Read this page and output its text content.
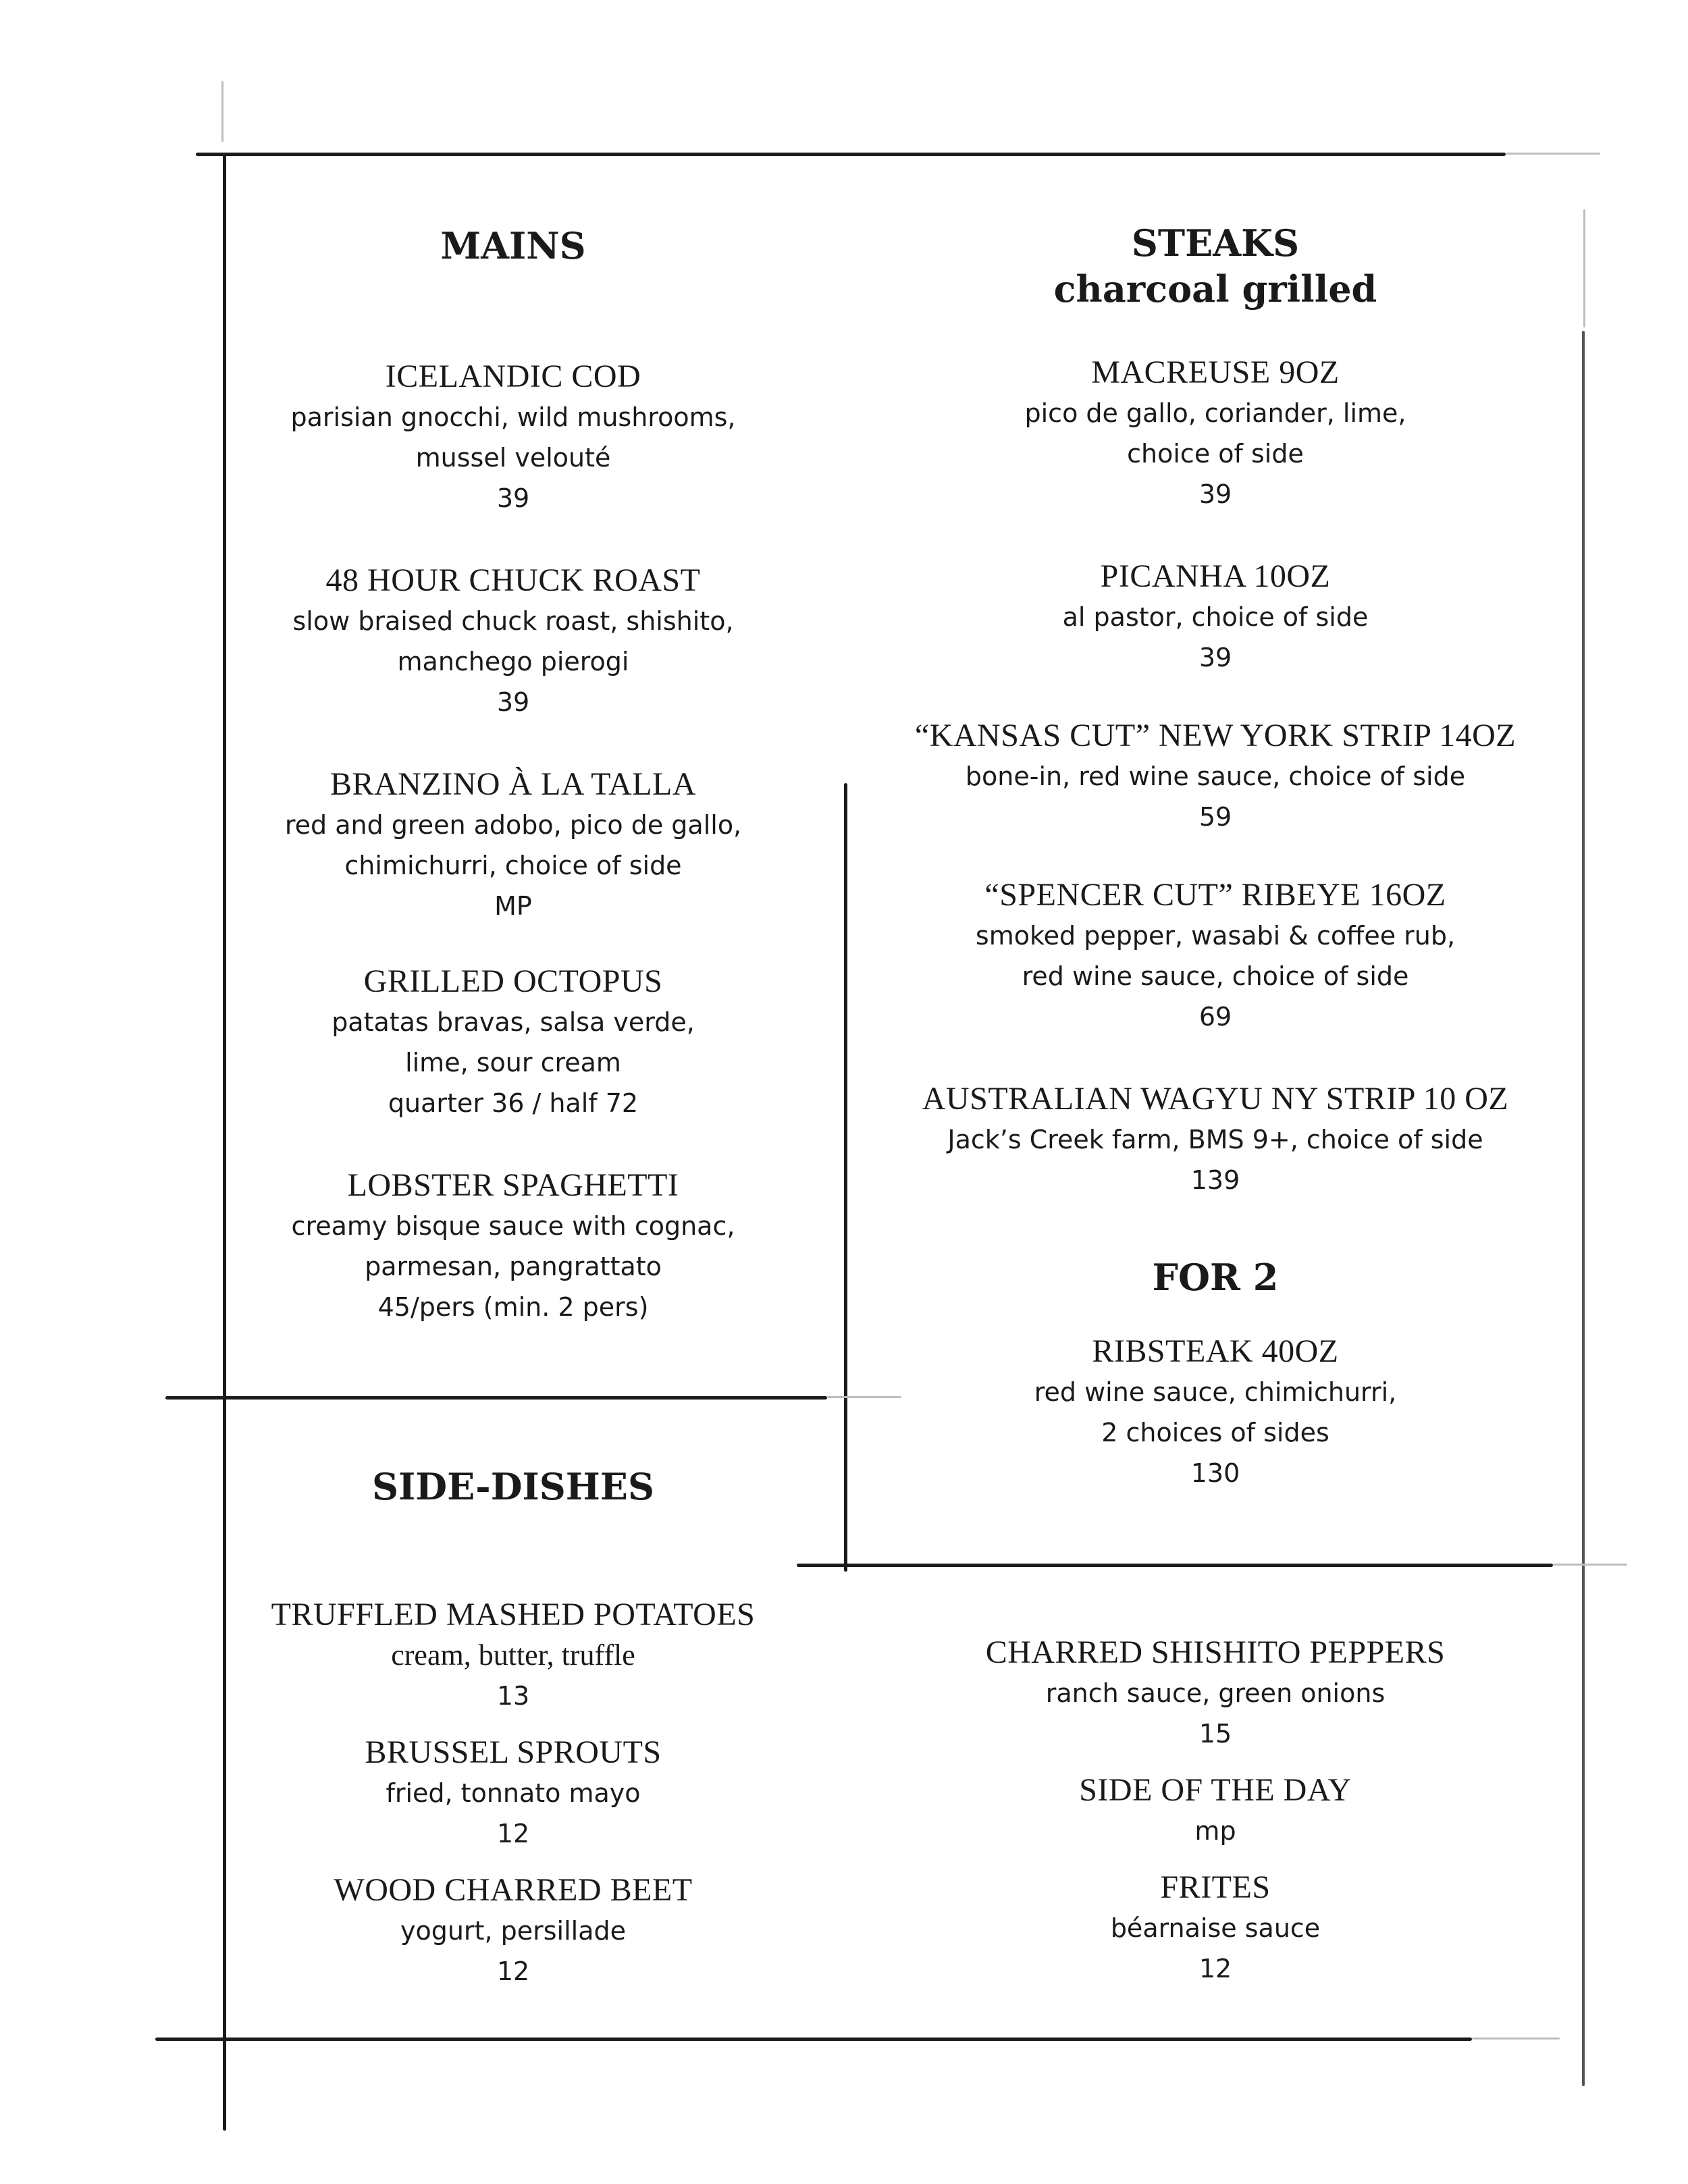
MAINS
ICELANDIC COD
parisian gnocchi, wild mushrooms,
mussel velouté
39
48 HOUR CHUCK ROAST
slow braised chuck roast, shishito,
manchego pierogi
39
BRANZINO À LA TALLA
red and green adobo, pico de gallo,
chimichurri, choice of side
MP
GRILLED OCTOPUS
patatas bravas, salsa verde,
lime, sour cream
quarter 36 / half 72
LOBSTER SPAGHETTI
creamy bisque sauce with cognac,
parmesan, pangrattato
45/pers (min. 2 pers)
STEAKS
charcoal grilled
MACREUSE 9OZ
pico de gallo, coriander, lime,
choice of side
39
PICANHA 10OZ
al pastor, choice of side
39
“KANSAS CUT” NEW YORK STRIP 14OZ
bone-in, red wine sauce, choice of side
59
“SPENCER CUT” RIBEYE 16OZ
smoked pepper, wasabi & coffee rub,
red wine sauce, choice of side
69
AUSTRALIAN WAGYU NY STRIP 10 OZ
Jack’s Creek farm, BMS 9+, choice of side
139
FOR 2
RIBSTEAK 40OZ
red wine sauce, chimichurri,
2 choices of sides
130
SIDE-DISHES
TRUFFLED MASHED POTATOES
cream, butter, truffle
13
BRUSSEL SPROUTS
fried, tonnato mayo
12
WOOD CHARRED BEET
yogurt, persillade
12
CHARRED SHISHITO PEPPERS
ranch sauce, green onions
15
SIDE OF THE DAY
mp
FRITES
béarnaise sauce
12
